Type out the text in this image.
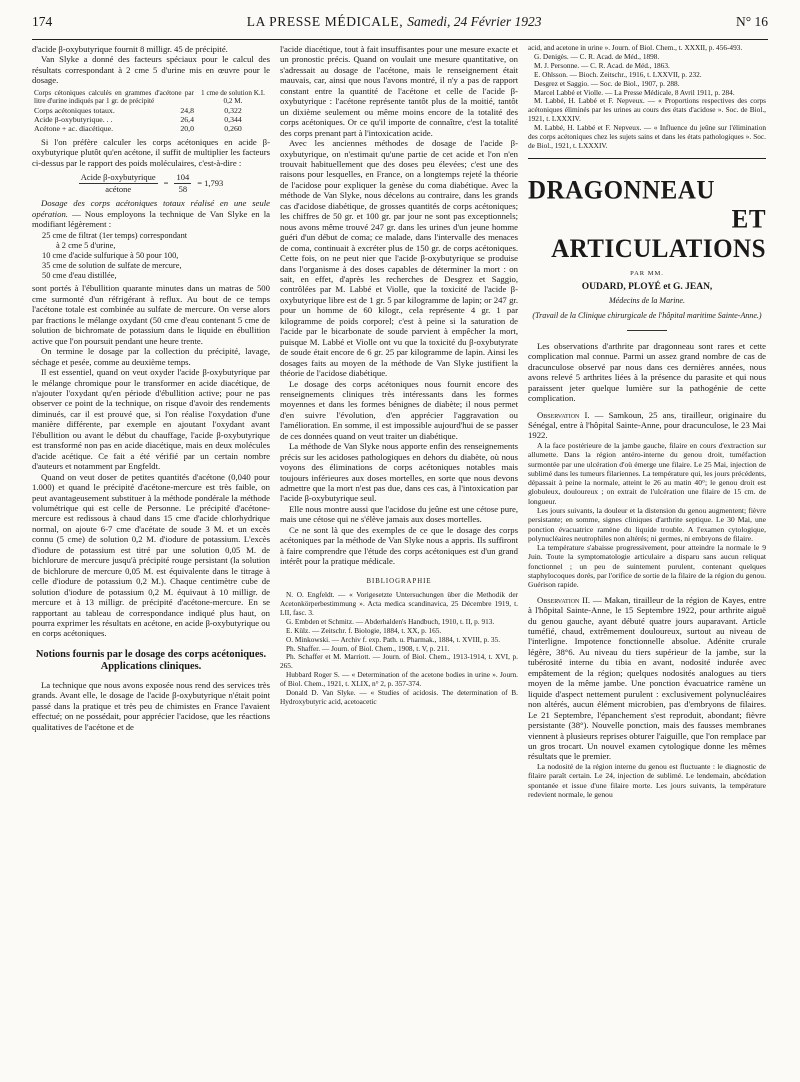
174	LA PRESSE MÉDICALE, Samedi, 24 Février 1923	N° 16

d'acide β-oxybutyrique fournit 8 milligr. 45 de précipité.

Van Slyke a donné des facteurs spéciaux pour le calcul des résultats correspondant à 2 cme 5 d'urine mis en œuvre pour le dosage.

Corps cétoniques calculés en grammes d'acétone par litre d'urine indiqués par 1 gr. de précipité		1 cme de solution K.I. 0,2 M.
Corps acétoniques totaux.	24,8	0,322
Acide β-oxybutyrique. . .	26,4	0,344
Acétone + ac. diacétique.	20,0	0,260

Si l'on préfère calculer les corps acétoniques en acide β-oxybutyrique plutôt qu'en acétone, il suffit de multiplier les facteurs ci-dessus par le rapport des poids moléculaires, c'est-à-dire :

$\frac{\text{Acide β-oxybutyrique}}{\text{acétone}} = \frac{104}{58} = 1,793$

Dosage des corps acétoniques totaux réalisé en une seule opération. — Nous employons la technique de Van Slyke en la modifiant légèrement :

25 cme de filtrat (1er temps) correspondant
à 2 cme 5 d'urine,
10 cme d'acide sulfurique à 50 pour 100,
35 cme de solution de sulfate de mercure,
50 cme d'eau distillée,

sont portés à l'ébullition quarante minutes dans un matras de 500 cme surmonté d'un réfrigérant à reflux. Au bout de ce temps l'acétone totale est combinée au sulfate de mercure. On verse alors par fractions le mélange oxydant (50 cme d'eau contenant 5 cme de solution de bichromate de potassium dans le liquide en ébullition active que l'on poursuit pendant une heure trente.

On termine le dosage par la collection du précipité, lavage, séchage et pesée, comme au deuxième temps.

Il est essentiel, quand on veut oxyder l'acide β-oxybutyrique par le mélange chromique pour le transformer en acide diacétique, de n'ajouter l'oxydant qu'en période d'ébullition active; pour ne pas observer ce point de la technique, on risque d'avoir des rendements diminués, car il est prouvé que, si l'on réalise l'oxydation d'une manière différente, par exemple en ajoutant l'oxydant avant l'ébullition ou avant le début du chauffage, l'acide β-oxybutyrique est transformé non pas en acide diacétique, mais en deux molécules d'acide acétique. Ce fait a été vérifié par un certain nombre d'auteurs et notamment par Engfeldt.

Quand on veut doser de petites quantités d'acétone (0,040 pour 1.000) et quand le précipité d'acétone-mercure est très faible, on peut avantageusement substituer à la méthode pondérale la méthode volumétrique qui est celle de Personne. Le précipité d'acétone-mercure est redissous à chaud dans 15 cme d'acide chlorhydrique normal, on ajoute 6-7 cme d'acétate de soude 3 M. et un excès connu (5 cme) de solution 0,2 M. d'iodure de potassium. L'excès d'iodure de potassium est titré par une solution 0,05 M. de bichlorure de mercure jusqu'à précipité rouge persistant (la solution de bichlorure de mercure 0,05 M. est équivalente dans le titrage à celle d'iodure de potassium 0,2 M.). Chaque centimètre cube de solution d'iodure de potassium 0,2 M. équivaut à 10 milligr. de mercure et à 13 milligr. de précipité d'acétone-mercure. En se rapportant au tableau de correspondance indiqué plus haut, on pourra exprimer les résultats en acétone, en acide β-oxybutyrique ou en corps acétoniques.

Notions fournis par le dosage des corps acétoniques. Applications cliniques.

La technique que nous avons exposée nous rend des services très grands. Avant elle, le dosage de l'acide β-oxybutyrique n'était point passé dans la pratique et très peu de chimistes en France l'avaient effectué; on ne possédait, pour apprécier l'acidose, que les réactions qualitatives de l'acétone et de

l'acide diacétique, tout à fait insuffisantes pour une mesure exacte et un pronostic précis. Quand on voulait une mesure quantitative, on s'adressait au dosage de l'acétone, mais le renseignement était mauvais, car, ainsi que nous l'avons montré, il n'y a pas de rapport constant entre la quantité de l'acétone et celle de l'acide β-oxybutyrique : l'acétone représente tantôt plus de la moitié, tantôt un dixième seulement ou même moins encore de la totalité des corps acétoniques. Or ce qu'il importe de connaître, c'est la totalité des corps prenant part à l'intoxication acide.

Avec les anciennes méthodes de dosage de l'acide β-oxybutyrique, on n'estimait qu'une partie de cet acide et l'on n'en trouvait habituellement que des doses peu élevées; c'est une des raisons pour lesquelles, en France, on a longtemps rejeté la théorie de l'acidose pour expliquer la genèse du coma diabétique. Avec la méthode de Van Slyke, nous décelons au contraire, dans les grands cas d'acidose diabétique, de grosses quantités de corps acétoniques; les chiffres de 50 gr. et 100 gr. par jour ne sont pas exceptionnels; nous avons même trouvé 247 gr. dans les urines d'un jeune homme guéri d'un début de coma; ce malade, dans l'intervalle des menaces de coma, continuait à excréter plus de 150 gr. de corps acétoniques. Cette fois, on ne peut nier que l'acide β-oxybutyrique se produise dans l'organisme à des doses capables de déterminer la mort : on sait, en effet, d'après les recherches de Desgrez et Saggio, contrôlées par M. Labbé et Violle, que la toxicité de l'acide β-oxybutyrique libre est de 1 gr. 5 par kilogramme de lapin; or 247 gr. pour un homme de 60 kilogr., cela représente 4 gr. 1 par kilogramme de poids corporel; c'est à peine si la saturation de l'acide par le bicarbonate de soude parvient à empêcher la mort, puisque M. Labbé et Violle ont vu que la toxicité du β-oxybutyrate de soude était encore de 6 gr. 25 par kilogramme de lapin. Ainsi les dosages faits au moyen de la méthode de Van Slyke justifient la théorie de l'acidose diabétique.

Le dosage des corps acétoniques nous fournit encore des renseignements cliniques très intéressants dans les formes moyennes et dans les formes bénignes de diabète; il nous permet d'en suivre l'évolution, d'en apprécier l'aggravation ou l'amélioration. En somme, il est impossible aujourd'hui de se passer de ces données quand on veut traiter un diabétique.

La méthode de Van Slyke nous apporte enfin des renseignements précis sur les acidoses pathologiques en dehors du diabète, où nous voyons des éliminations de corps acétoniques notables mais toujours inférieures aux doses mortelles, en sorte que nous devons admettre que la mort n'est pas due, dans ces cas, à l'intoxication par l'acide β-oxybutyrique seul.

Elle nous montre aussi que l'acidose du jeûne est une cétose pure, mais une cétose qui ne s'élève jamais aux doses mortelles.

Ce ne sont là que des exemples de ce que le dosage des corps acétoniques par la méthode de Van Slyke nous a appris. Ils suffiront à faire comprendre que l'étude des corps acétoniques est d'un grand intérêt pour la pratique médicale.

BIBLIOGRAPHIE
N. O. Engfeldt. — « Vorigesetzte Untersuchungen über die Methodik der Acetonkörperbestimmung ». Acta medica scandinavica, 25 Décembre 1919, t. LII, fasc. 3.
G. Embden et Schmitz. — Abderhalden's Handbuch, 1910, t. II, p. 913.
E. Külz. — Zeitschr. f. Biologie, 1884, t. XX, p. 165.
O. Minkowski. — Archiv f. exp. Path. u. Pharmak., 1884, t. XVIII, p. 35.
Ph. Shaffer. — Journ. of Biol. Chem., 1908, t. V, p. 211.
Ph. Schaffer et M. Marriott. — Journ. of Biol. Chem., 1913-1914, t. XVI, p. 265.
Hubbard Roger S. — « Determination of the acetone bodies in urine ». Journ. of Biol. Chem., 1921, t. XLIX, n° 2, p. 357-374.
Donald D. Van Slyke. — « Studies of acidosis. The determination of B. Hydroxybutyric acid, acetoacetic
acid, and acetone in urine ». Journ. of Biol. Chem., t. XXXII, p. 456-493.
G. Denigès. — C. R. Acad. de Méd., 1898.
M. J. Personne. — C. R. Acad. de Méd., 1863.
E. Ohlsson. — Bioch. Zeitschr., 1916, t. LXXVII, p. 232.
Desgrez et Saggio. — Soc. de Biol., 1907, p. 288.
Marcel Labbé et Violle. — La Presse Médicale, 8 Avril 1911, p. 284.
M. Labbé, H. Labbé et F. Nepveux. — « Proportions respectives des corps acétoniques éliminés par les urines au cours des états d'acidose ». Soc. de Biol., 1921, t. LXXXIV.
M. Labbé, H. Labbé et F. Nepveux. — « Influence du jeûne sur l'élimination des corps acétoniques chez les sujets sains et dans les états pathologiques ». Soc. de Biol., 1921, t. LXXXIV.
DRAGONNEAU
ET ARTICULATIONS
PAR MM.
OUDARD, PLOYÉ et G. JEAN,
Médecins de la Marine.
(Travail de la Clinique chirurgicale de l'hôpital maritime Sainte-Anne.)

Les observations d'arthrite par dragonneau sont rares et cette complication mal connue. Parmi un assez grand nombre de cas de dracunculose observé par nous dans ces dernières années, nous avons relevé 5 arthrites liées à la présence du parasite et qui nous paraissent jeter quelque lumière sur la pathogénie de cette complication.

Observation I. — Samkoun, 25 ans, tirailleur, originaire du Sénégal, entre à l'hôpital Sainte-Anne, pour dracunculose, le 23 Mai 1922.

A la face postérieure de la jambe gauche, filaire en cours d'extraction sur allumette. Dans la région antéro-interne du genou droit, tuméfaction surmontée par une ulcération d'où émerge une filaire. Le 25 Mai, injection de sublimé dans les tumeurs filariennes. La température qui, les jours précédents, dépassait à peine la normale, atteint le 26 au matin 40°; le genou droit est globuleux, douloureux ; on extrait de l'ulcération une filaire de 15 cm. de longueur.

Les jours suivants, la douleur et la distension du genou augmentent; fièvre persistante; en somme, signes cliniques d'arthrite septique. Le 30 Mai, une ponction évacuatrice ramène du liquide trouble. A l'examen cytologique, polynucléaires neutrophiles non altérés; ni germes, ni embryons de filaire.

La température s'abaisse progressivement, pour atteindre la normale le 9 Juin. Toute la symptomatologie articulaire a disparu sans aucun reliquat fonctionnel ; un peu de suintement purulent, contenant quelques staphylocoques dorés, par l'orifice de sortie de la filaire de la région du genou. Guérison rapide.

Observation II. — Makan, tirailleur de la région de Kayes, entre à l'hôpital Sainte-Anne, le 15 Septembre 1922, pour arthrite aiguë du genou gauche, ayant débuté quatre jours auparavant. Article tuméfié, chaud, extrêmement douloureux, surtout au niveau de l'interligne. Impotence fonctionnelle absolue. Adénite crurale légère, 38°6. Au niveau du tiers supérieur de la jambe, sur la tubérosité interne du tibia en avant, nodosité indurée avec empâtement de la région; quelques nodosités analogues au tiers moyen de la même jambe. Une ponction évacuatrice ramène un liquide d'aspect nettement purulent : exclusivement polynucléaires non altérés, aucun élément microbien, pas d'embryons de filaires. Le 21 Septembre, l'épanchement s'est reproduit, abondant; fièvre persistante (38°). Nouvelle ponction, mais des fausses membranes viennent à plusieurs reprises obturer l'aiguille, que l'on remplace par un gros trocart. Un nouvel examen cytologique donne les mêmes résultats que le premier.

La nodosité de la région interne du genou est fluctuante : le diagnostic de filaire paraît certain. Le 24, injection de sublimé. Le lendemain, abcédation spontanée et issue d'une filaire morte. Les jours suivants, la température redevient normale, le genou
